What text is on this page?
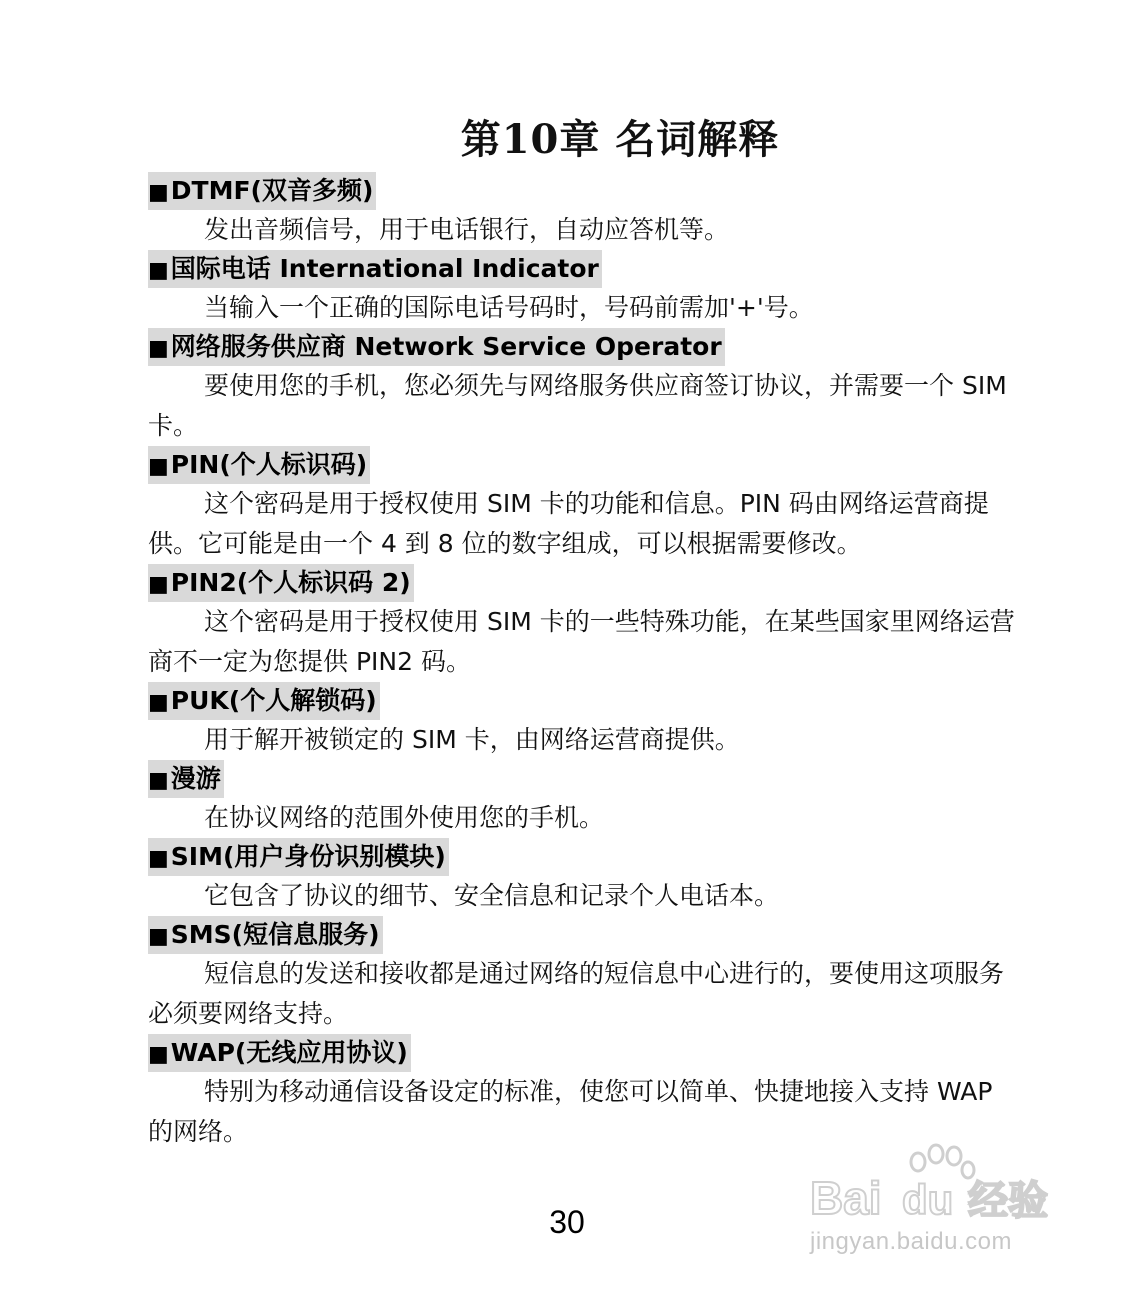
第10章 名词解释
■DTMF(双音多频)

发出音频信号，用于电话银行，自动应答机等。

■国际电话 International Indicator

当输入一个正确的国际电话号码时，号码前需加'+'号。

■网络服务供应商 Network Service Operator

要使用您的手机，您必须先与网络服务供应商签订协议，并需要一个 SIM 卡。

■PIN(个人标识码)

这个密码是用于授权使用 SIM 卡的功能和信息。PIN 码由网络运营商提供。它可能是由一个 4 到 8 位的数字组成，可以根据需要修改。

■PIN2(个人标识码 2)

这个密码是用于授权使用 SIM 卡的一些特殊功能，在某些国家里网络运营商不一定为您提供 PIN2 码。

■PUK(个人解锁码)

用于解开被锁定的 SIM 卡，由网络运营商提供。

■漫游

在协议网络的范围外使用您的手机。

■SIM(用户身份识别模块)

它包含了协议的细节、安全信息和记录个人电话本。

■SMS(短信息服务)

短信息的发送和接收都是通过网络的短信息中心进行的，要使用这项服务必须要网络支持。

■WAP(无线应用协议)

特别为移动通信设备设定的标准，使您可以简单、快捷地接入支持 WAP 的网络。

30	Bai du 经验
jingyan.baidu.com
